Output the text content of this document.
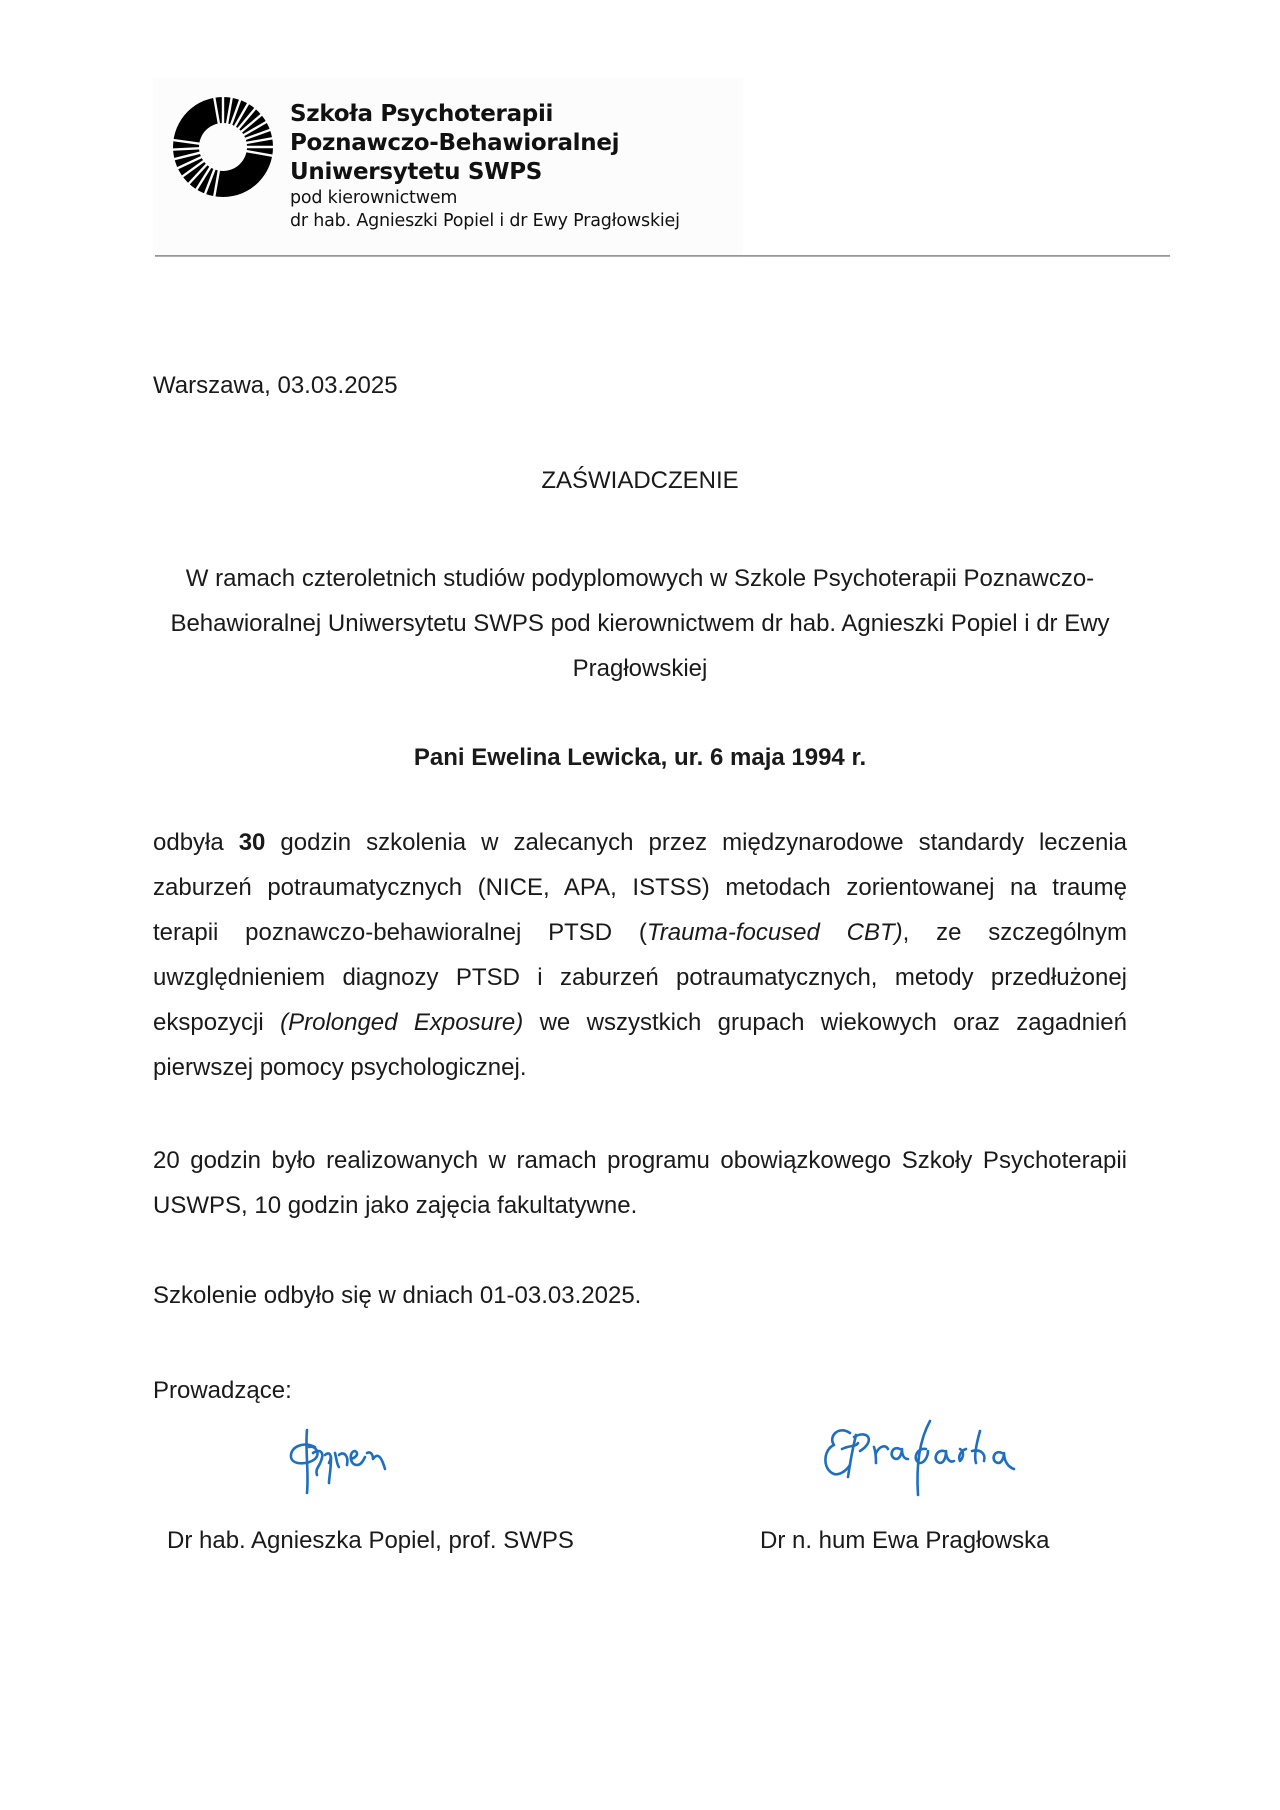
Szkoła Psychoterapii
Poznawczo-Behawioralnej
Uniwersytetu SWPS
pod kierownictwem
dr hab. Agnieszki Popiel i dr Ewy Pragłowskiej
Warszawa, 03.03.2025
ZAŚWIADCZENIE
W ramach czteroletnich studiów podyplomowych w Szkole Psychoterapii Poznawczo-Behawioralnej Uniwersytetu SWPS pod kierownictwem dr hab. Agnieszki Popiel i dr Ewy Pragłowskiej
Pani Ewelina Lewicka, ur. 6 maja 1994 r.
odbyła 30 godzin szkolenia w zalecanych przez międzynarodowe standardy leczenia zaburzeń potraumatycznych (NICE, APA, ISTSS) metodach zorientowanej na traumę terapii poznawczo-behawioralnej PTSD (Trauma-focused CBT), ze szczególnym uwzględnieniem diagnozy PTSD i zaburzeń potraumatycznych, metody przedłużonej ekspozycji (Prolonged Exposure) we wszystkich grupach wiekowych oraz zagadnień pierwszej pomocy psychologicznej.
20 godzin było realizowanych w ramach programu obowiązkowego Szkoły Psychoterapii USWPS, 10 godzin jako zajęcia fakultatywne.
Szkolenie odbyło się w dniach 01-03.03.2025.
Prowadzące:
Dr hab. Agnieszka Popiel, prof. SWPS	Dr n. hum Ewa Pragłowska
